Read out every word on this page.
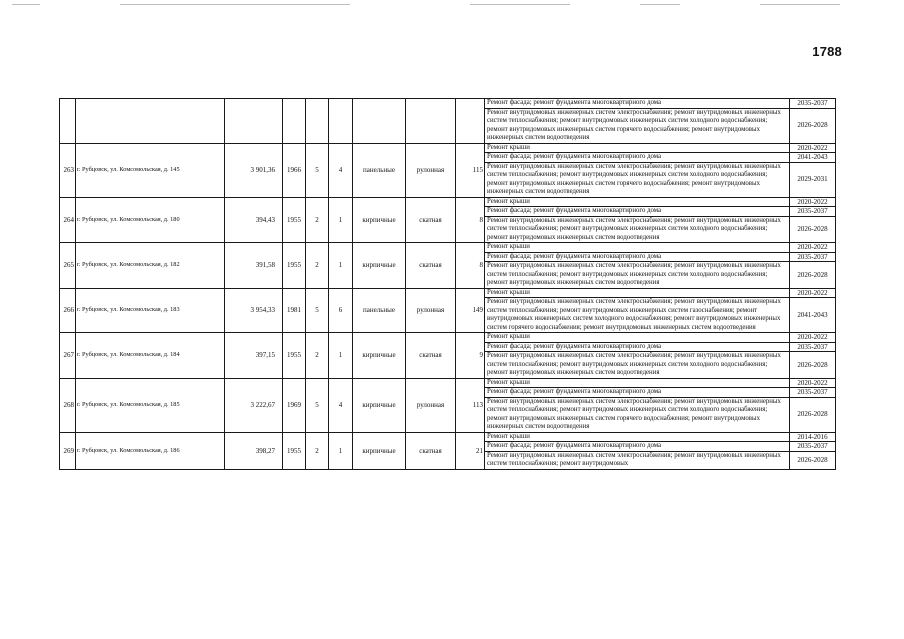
1788
									Ремонт фасада; ремонт фундамента многоквартирного дома	2035-2037
									Ремонт внутридомовых инженерных систем электроснабжения; ремонт внутридомовых инженерных систем теплоснабжения; ремонт внутридомовых инженерных систем холодного водоснабжения; ремонт внутридомовых инженерных систем горячего водоснабжения; ремонт внутридомовых инженерных систем водоотведения	2026-2028
263	г. Рубцовск, ул. Комсомольская, д. 145	3 901,36	1966	5	4	панельные	рулонная	115	Ремонт крыши	2020-2022
									Ремонт фасада; ремонт фундамента многоквартирного дома	2041-2043
									Ремонт внутридомовых инженерных систем электроснабжения; ремонт внутридомовых инженерных систем теплоснабжения; ремонт внутридомовых инженерных систем холодного водоснабжения; ремонт внутридомовых инженерных систем горячего водоснабжения; ремонт внутридомовых инженерных систем водоотведения	2029-2031
264	г. Рубцовск, ул. Комсомольская, д. 180	394,43	1955	2	1	кирпичные	скатная	8	Ремонт крыши	2020-2022
									Ремонт фасада; ремонт фундамента многоквартирного дома	2035-2037
									Ремонт внутридомовых инженерных систем электроснабжения; ремонт внутридомовых инженерных систем теплоснабжения; ремонт внутридомовых инженерных систем холодного водоснабжения; ремонт внутридомовых инженерных систем водоотведения	2026-2028
265	г. Рубцовск, ул. Комсомольская, д. 182	391,58	1955	2	1	кирпичные	скатная	8	Ремонт крыши	2020-2022
									Ремонт фасада; ремонт фундамента многоквартирного дома	2035-2037
									Ремонт внутридомовых инженерных систем электроснабжения; ремонт внутридомовых инженерных систем теплоснабжения; ремонт внутридомовых инженерных систем холодного водоснабжения; ремонт внутридомовых инженерных систем водоотведения	2026-2028
266	г. Рубцовск, ул. Комсомольская, д. 183	3 954,33	1981	5	6	панельные	рулонная	149	Ремонт крыши	2020-2022
									Ремонт внутридомовых инженерных систем электроснабжения; ремонт внутридомовых инженерных систем теплоснабжения; ремонт внутридомовых инженерных систем газоснабжения; ремонт внутридомовых инженерных систем холодного водоснабжения; ремонт внутридомовых инженерных систем горячего водоснабжения; ремонт внутридомовых инженерных систем водоотведения	2041-2043
267	г. Рубцовск, ул. Комсомольская, д. 184	397,15	1955	2	1	кирпичные	скатная	9	Ремонт крыши	2020-2022
									Ремонт фасада; ремонт фундамента многоквартирного дома	2035-2037
									Ремонт внутридомовых инженерных систем электроснабжения; ремонт внутридомовых инженерных систем теплоснабжения; ремонт внутридомовых инженерных систем холодного водоснабжения; ремонт внутридомовых инженерных систем водоотведения	2026-2028
268	г. Рубцовск, ул. Комсомольская, д. 185	3 222,67	1969	5	4	кирпичные	рулонная	113	Ремонт крыши	2020-2022
									Ремонт фасада; ремонт фундамента многоквартирного дома	2035-2037
									Ремонт внутридомовых инженерных систем электроснабжения; ремонт внутридомовых инженерных систем теплоснабжения; ремонт внутридомовых инженерных систем холодного водоснабжения; ремонт внутридомовых инженерных систем горячего водоснабжения; ремонт внутридомовых инженерных систем водоотведения	2026-2028
269	г. Рубцовск, ул. Комсомольская, д. 186	398,27	1955	2	1	кирпичные	скатная	21	Ремонт крыши	2014-2016
									Ремонт фасада; ремонт фундамента многоквартирного дома	2035-2037
									Ремонт внутридомовых инженерных систем электроснабжения; ремонт внутридомовых инженерных систем теплоснабжения; ремонт внутридомовых	2026-2028
